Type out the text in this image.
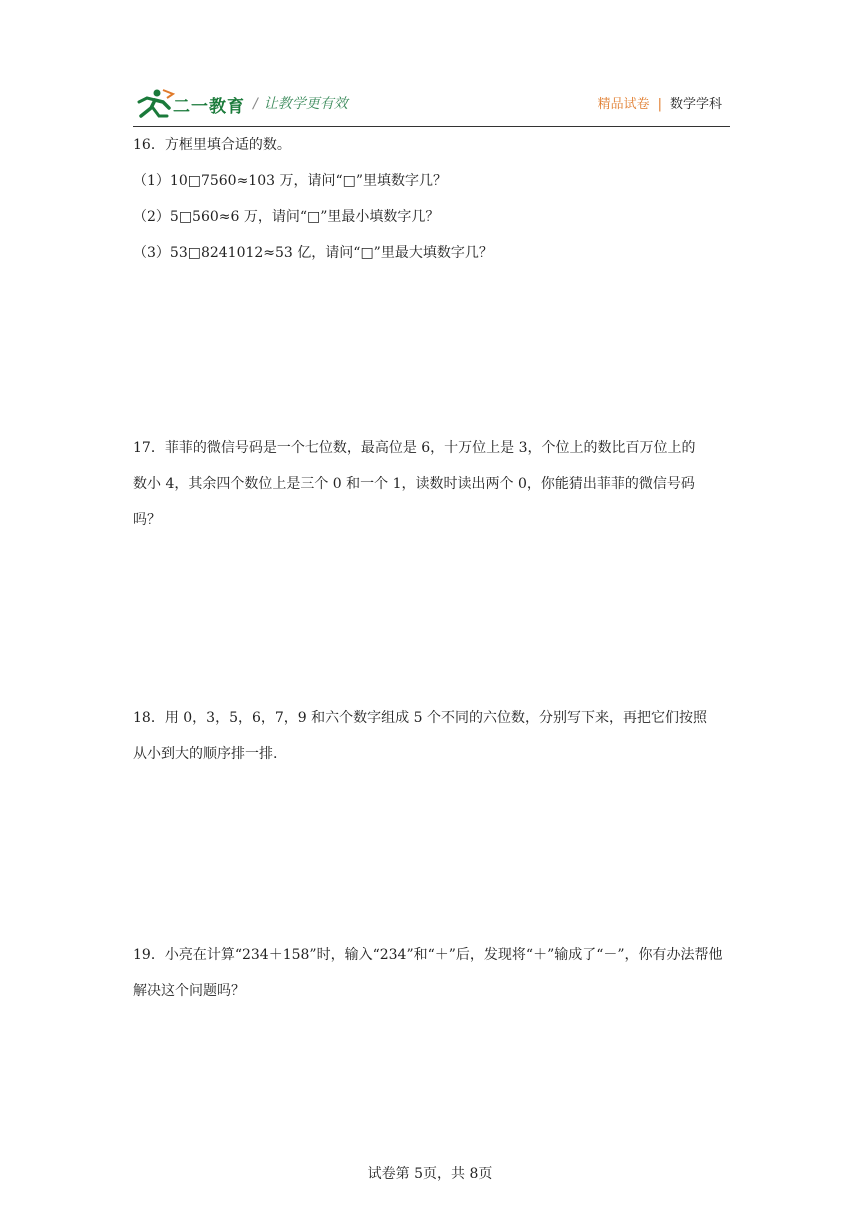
二一教育 / 让教学更有效	精品试卷 | 数学学科

16．方框里填合适的数。

（1）10□7560≈103 万，请问“□”里填数字几？

（2）5□560≈6 万，请问“□”里最小填数字几？

（3）53□8241012≈53 亿，请问“□”里最大填数字几？

17．菲菲的微信号码是一个七位数，最高位是 6，十万位上是 3，个位上的数比百万位上的

数小 4，其余四个数位上是三个 0 和一个 1，读数时读出两个 0，你能猜出菲菲的微信号码

吗？

18．用 0，3，5，6，7，9 和六个数字组成 5 个不同的六位数，分别写下来，再把它们按照

从小到大的顺序排一排.

19．小亮在计算“234＋158”时，输入“234”和“＋”后，发现将“＋”输成了“－”，你有办法帮他

解决这个问题吗？

试卷第 5页，共 8页
